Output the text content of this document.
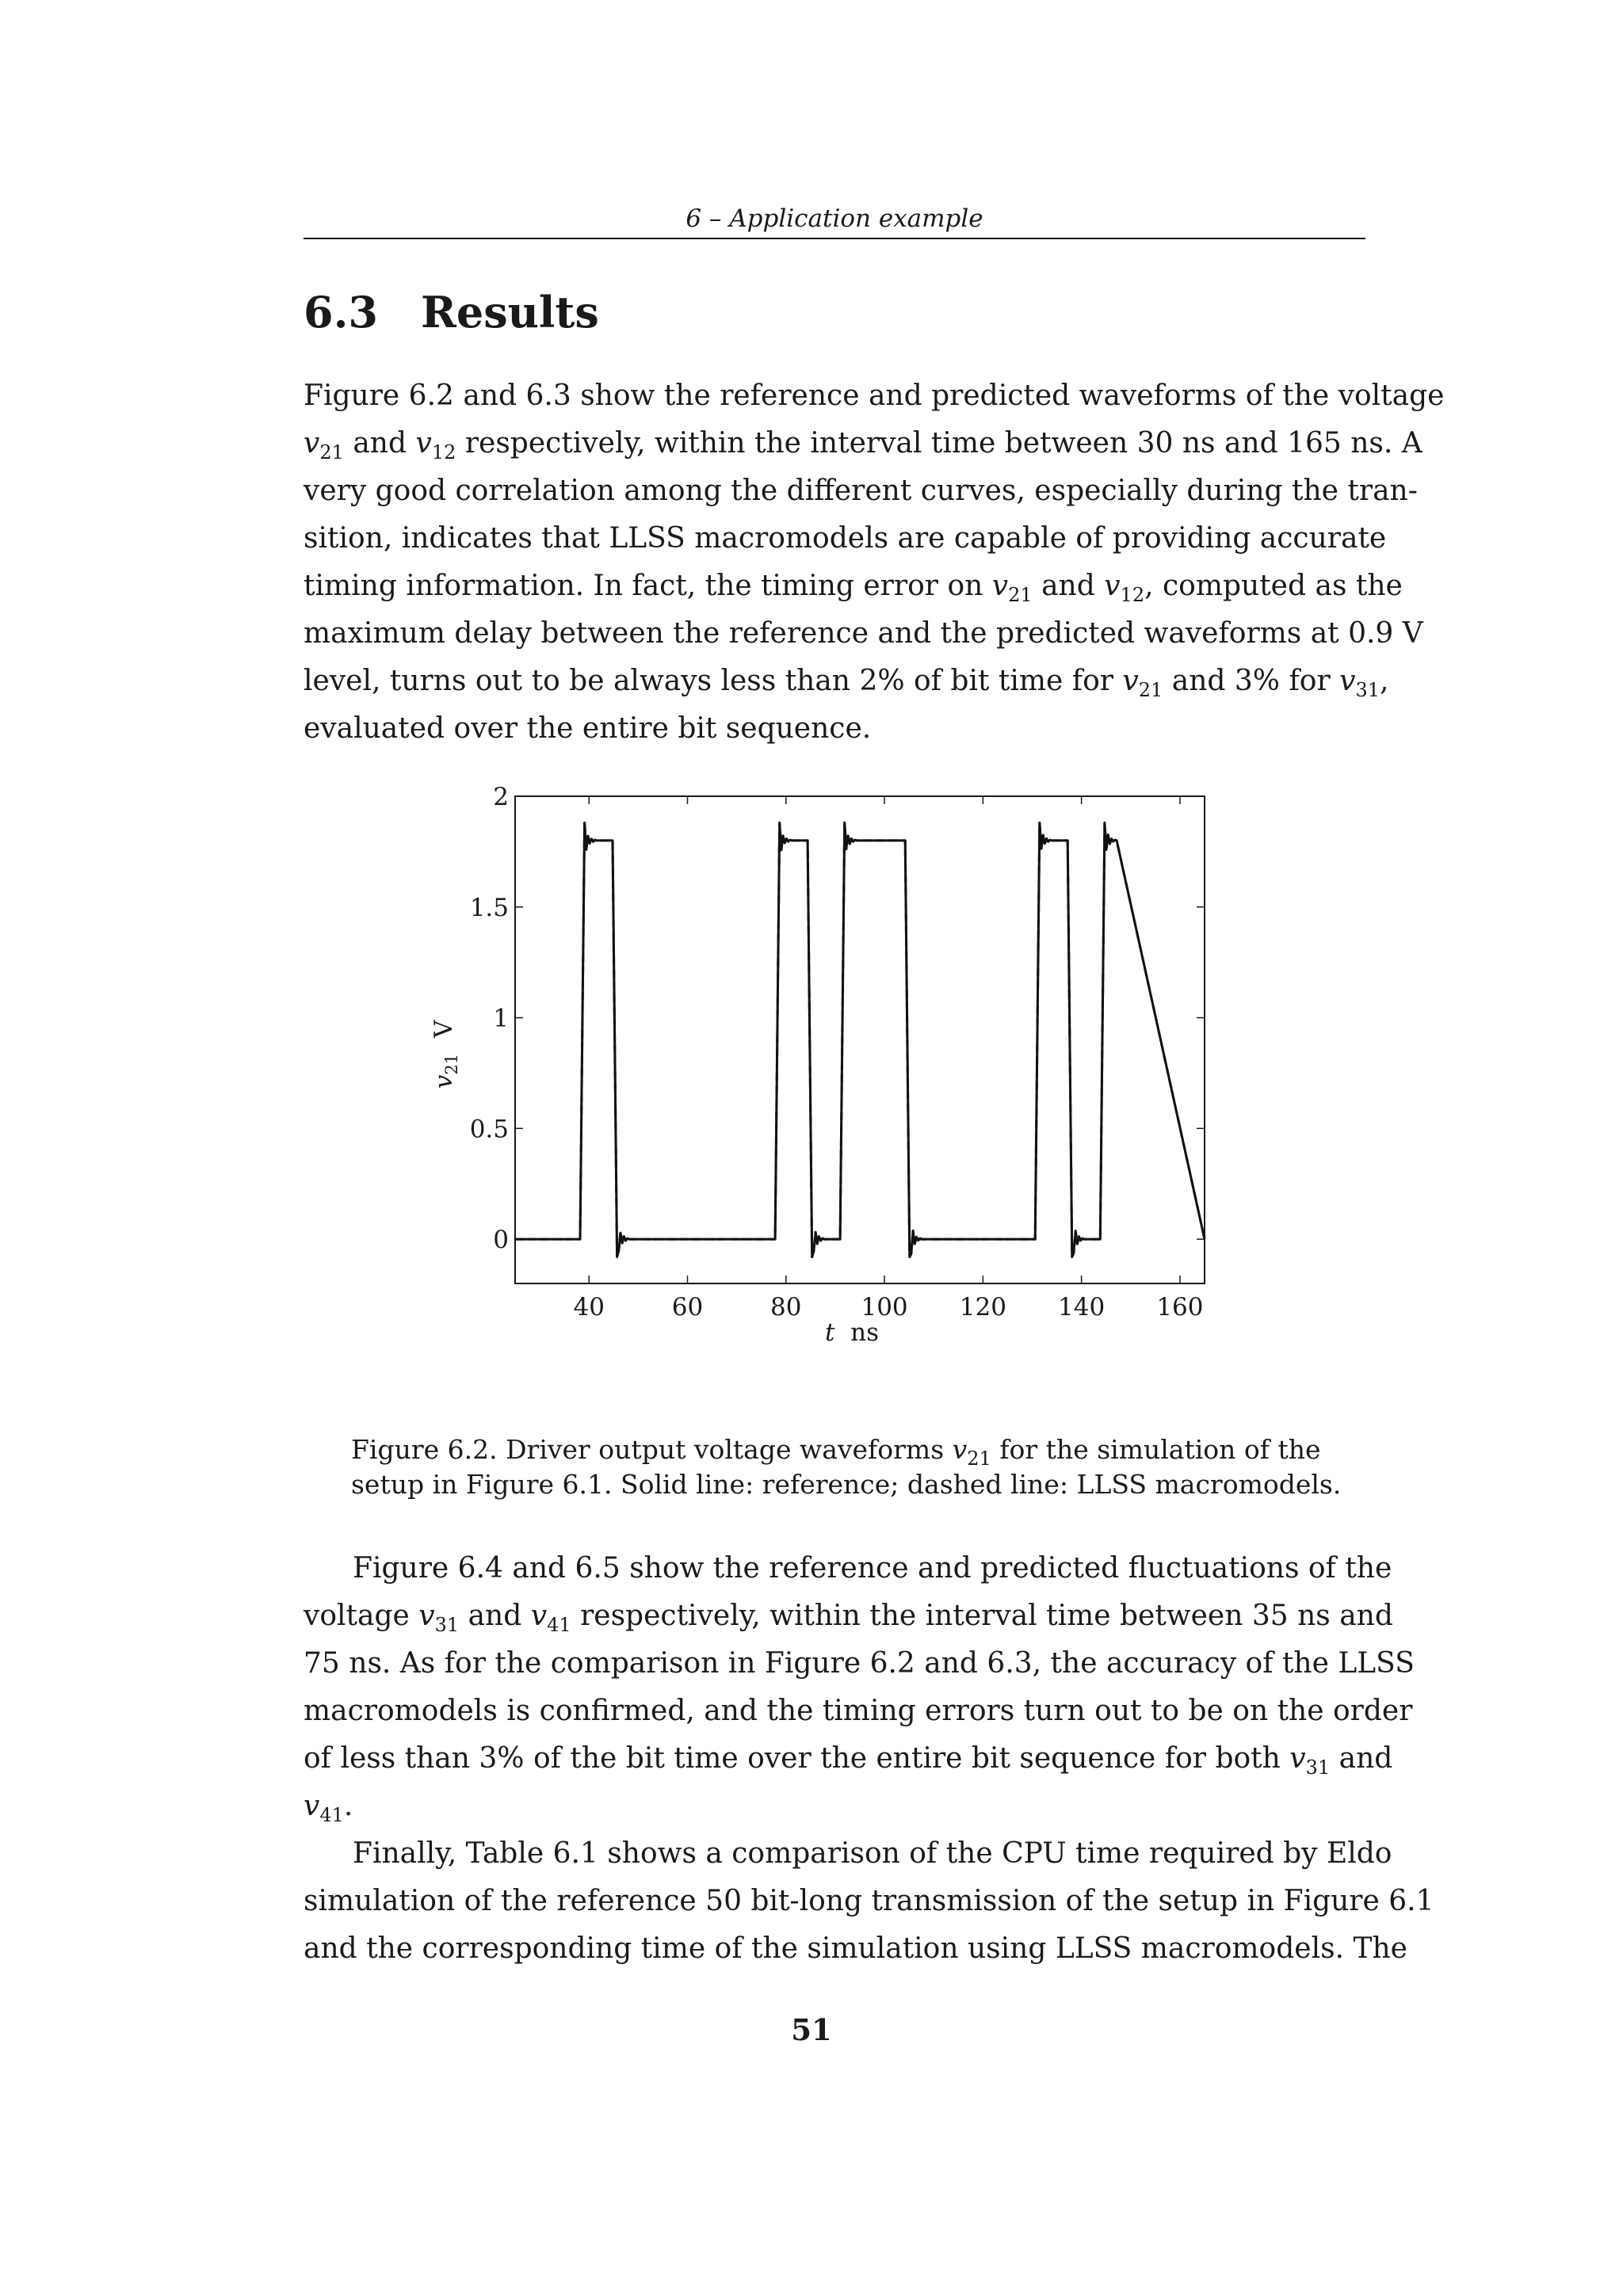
6 – Application example
6.3 Results
Figure 6.2 and 6.3 show the reference and predicted waveforms of the voltage
$v_{21}$ and $v_{12}$ respectively, within the interval time between 30 ns and 165 ns. A
very good correlation among the different curves, especially during the tran-
sition, indicates that LLSS macromodels are capable of providing accurate
timing information. In fact, the timing error on $v_{21}$ and $v_{12}$, computed as the
maximum delay between the reference and the predicted waveforms at 0.9 V
level, turns out to be always less than 2% of bit time for $v_{21}$ and 3% for $v_{31}$,
evaluated over the entire bit sequence.
40	60	80 100 120 140 160
0
0.5
1
1.5
2
t  ns
$v_{21}$  V
Figure 6.2. Driver output voltage waveforms $v_{21}$ for the simulation of the
setup in Figure 6.1. Solid line: reference; dashed line: LLSS macromodels.
Figure 6.4 and 6.5 show the reference and predicted fluctuations of the
voltage $v_{31}$ and $v_{41}$ respectively, within the interval time between 35 ns and
75 ns. As for the comparison in Figure 6.2 and 6.3, the accuracy of the LLSS
macromodels is confirmed, and the timing errors turn out to be on the order
of less than 3% of the bit time over the entire bit sequence for both $v_{31}$ and
$v_{41}$.
Finally, Table 6.1 shows a comparison of the CPU time required by Eldo
simulation of the reference 50 bit-long transmission of the setup in Figure 6.1
and the corresponding time of the simulation using LLSS macromodels. The
51
